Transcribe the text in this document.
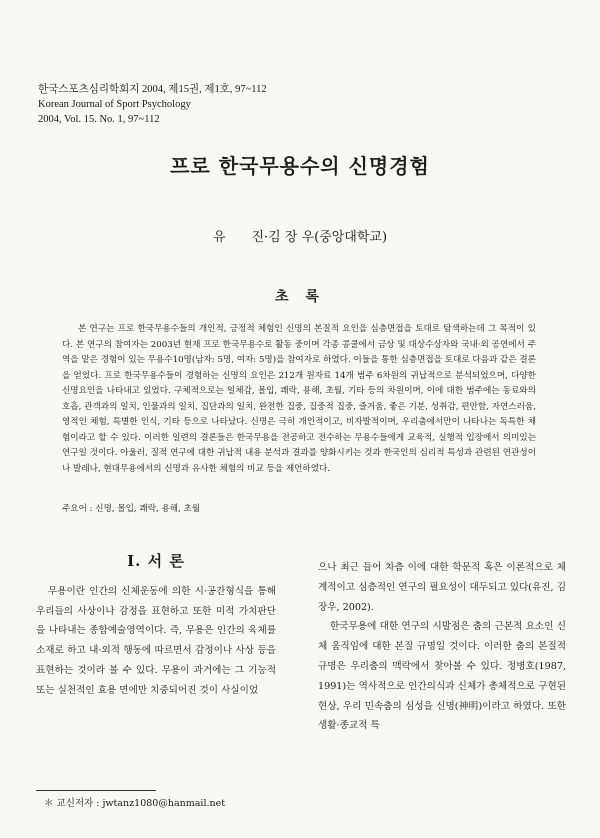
한국스포츠심리학회지 2004, 제15권, 제1호, 97~112
Korean Journal of Sport Psychology
2004, Vol. 15. No. 1, 97~112
프로 한국무용수의 신명경험
유　　진·김 장 우(중앙대학교)
초 록

본 연구는 프로 한국무용수들의 개인적, 긍정적 체험인 신명의 본질적 요인을 심층면접을 토대로 탐색하는데 그 목적이 있다. 본 연구의 참여자는 2003년 현재 프로 한국무용수로 활동 중이며 각종 콩쿨에서 금상 및 대상수상자와 국내·외 공연에서 주역을 맡은 경험이 있는 무용수10명(남자: 5명, 여자: 5명)을 참여자로 하였다. 이들을 통한 심층면접을 토대로 다음과 같은 결론을 얻었다. 프로 한국무용수들이 경험하는 신명의 요인은 212개 원자료 14개 범주 6차원의 귀납적으로 분석되었으며, 다양한 신명요인을 나타내고 있었다. 구체적으로는 일체감, 몰입, 쾌락, 용해, 초월, 기타 등의 차원이며, 이에 대한 범주에는 동료와의 호흡, 관객과의 일치, 인물과의 일치, 집단과의 일치, 완전한 집중, 집중적 집중, 즐거움, 좋은 기분, 성취감, 편안함, 자연스러움, 영적인 체험, 특별한 인식, 기타 등으로 나타났다. 신명은 극히 개인적이고, 비자발적이며, 우리춤에서만이 나타나는 독특한 체험이라고 할 수 있다. 이러한 일련의 결론들은 한국무용을 전공하고 전수하는 무용수들에게 교육적, 실행적 입장에서 의미있는 연구일 것이다. 아울러, 질적 연구에 대한 귀납적 내용 분석과 결과를 양화시키는 것과 한국인의 심리적 특성과 관련된 연관성이나 발레나, 현대무용에서의 신명과 유사한 체험의 비교 등을 제언하였다.

주요어 : 신명, 몰입, 쾌락, 용해, 초월

I. 서 론

무용이란 인간의 신체운동에 의한 시·공간형식을 통해 우리들의 사상이나 감정을 표현하고 또한 미적 가치판단을 나타내는 종합예술영역이다. 즉, 무용은 인간의 육체를 소재로 하고 내·외적 행동에 따르면서 감정이나 사상 등을 표현하는 것이라 볼 수 있다. 무용이 과거에는 그 기능적 또는 실천적인 효용 면에만 치중되어진 것이 사실이었

으나 최근 들어 차츰 이에 대한 학문적 혹은 이론적으로 체계적이고 심층적인 연구의 필요성이 대두되고 있다(유진, 김장우, 2002).

한국무용에 대한 연구의 시발점은 춤의 근본적 요소인 신체 움직임에 대한 본질 규명일 것이다. 이러한 춤의 본질적 규명은 우리춤의 맥락에서 찾아볼 수 있다. 정병호(1987, 1991)는 역사적으로 인간의식과 신체가 총체적으로 구현된 현상, 우리 민속춤의 심성을 신명(神明)이라고 하였다. 또한 생활·종교적 특

＊ 교신저자 : jwtanz1080@hanmail.net
